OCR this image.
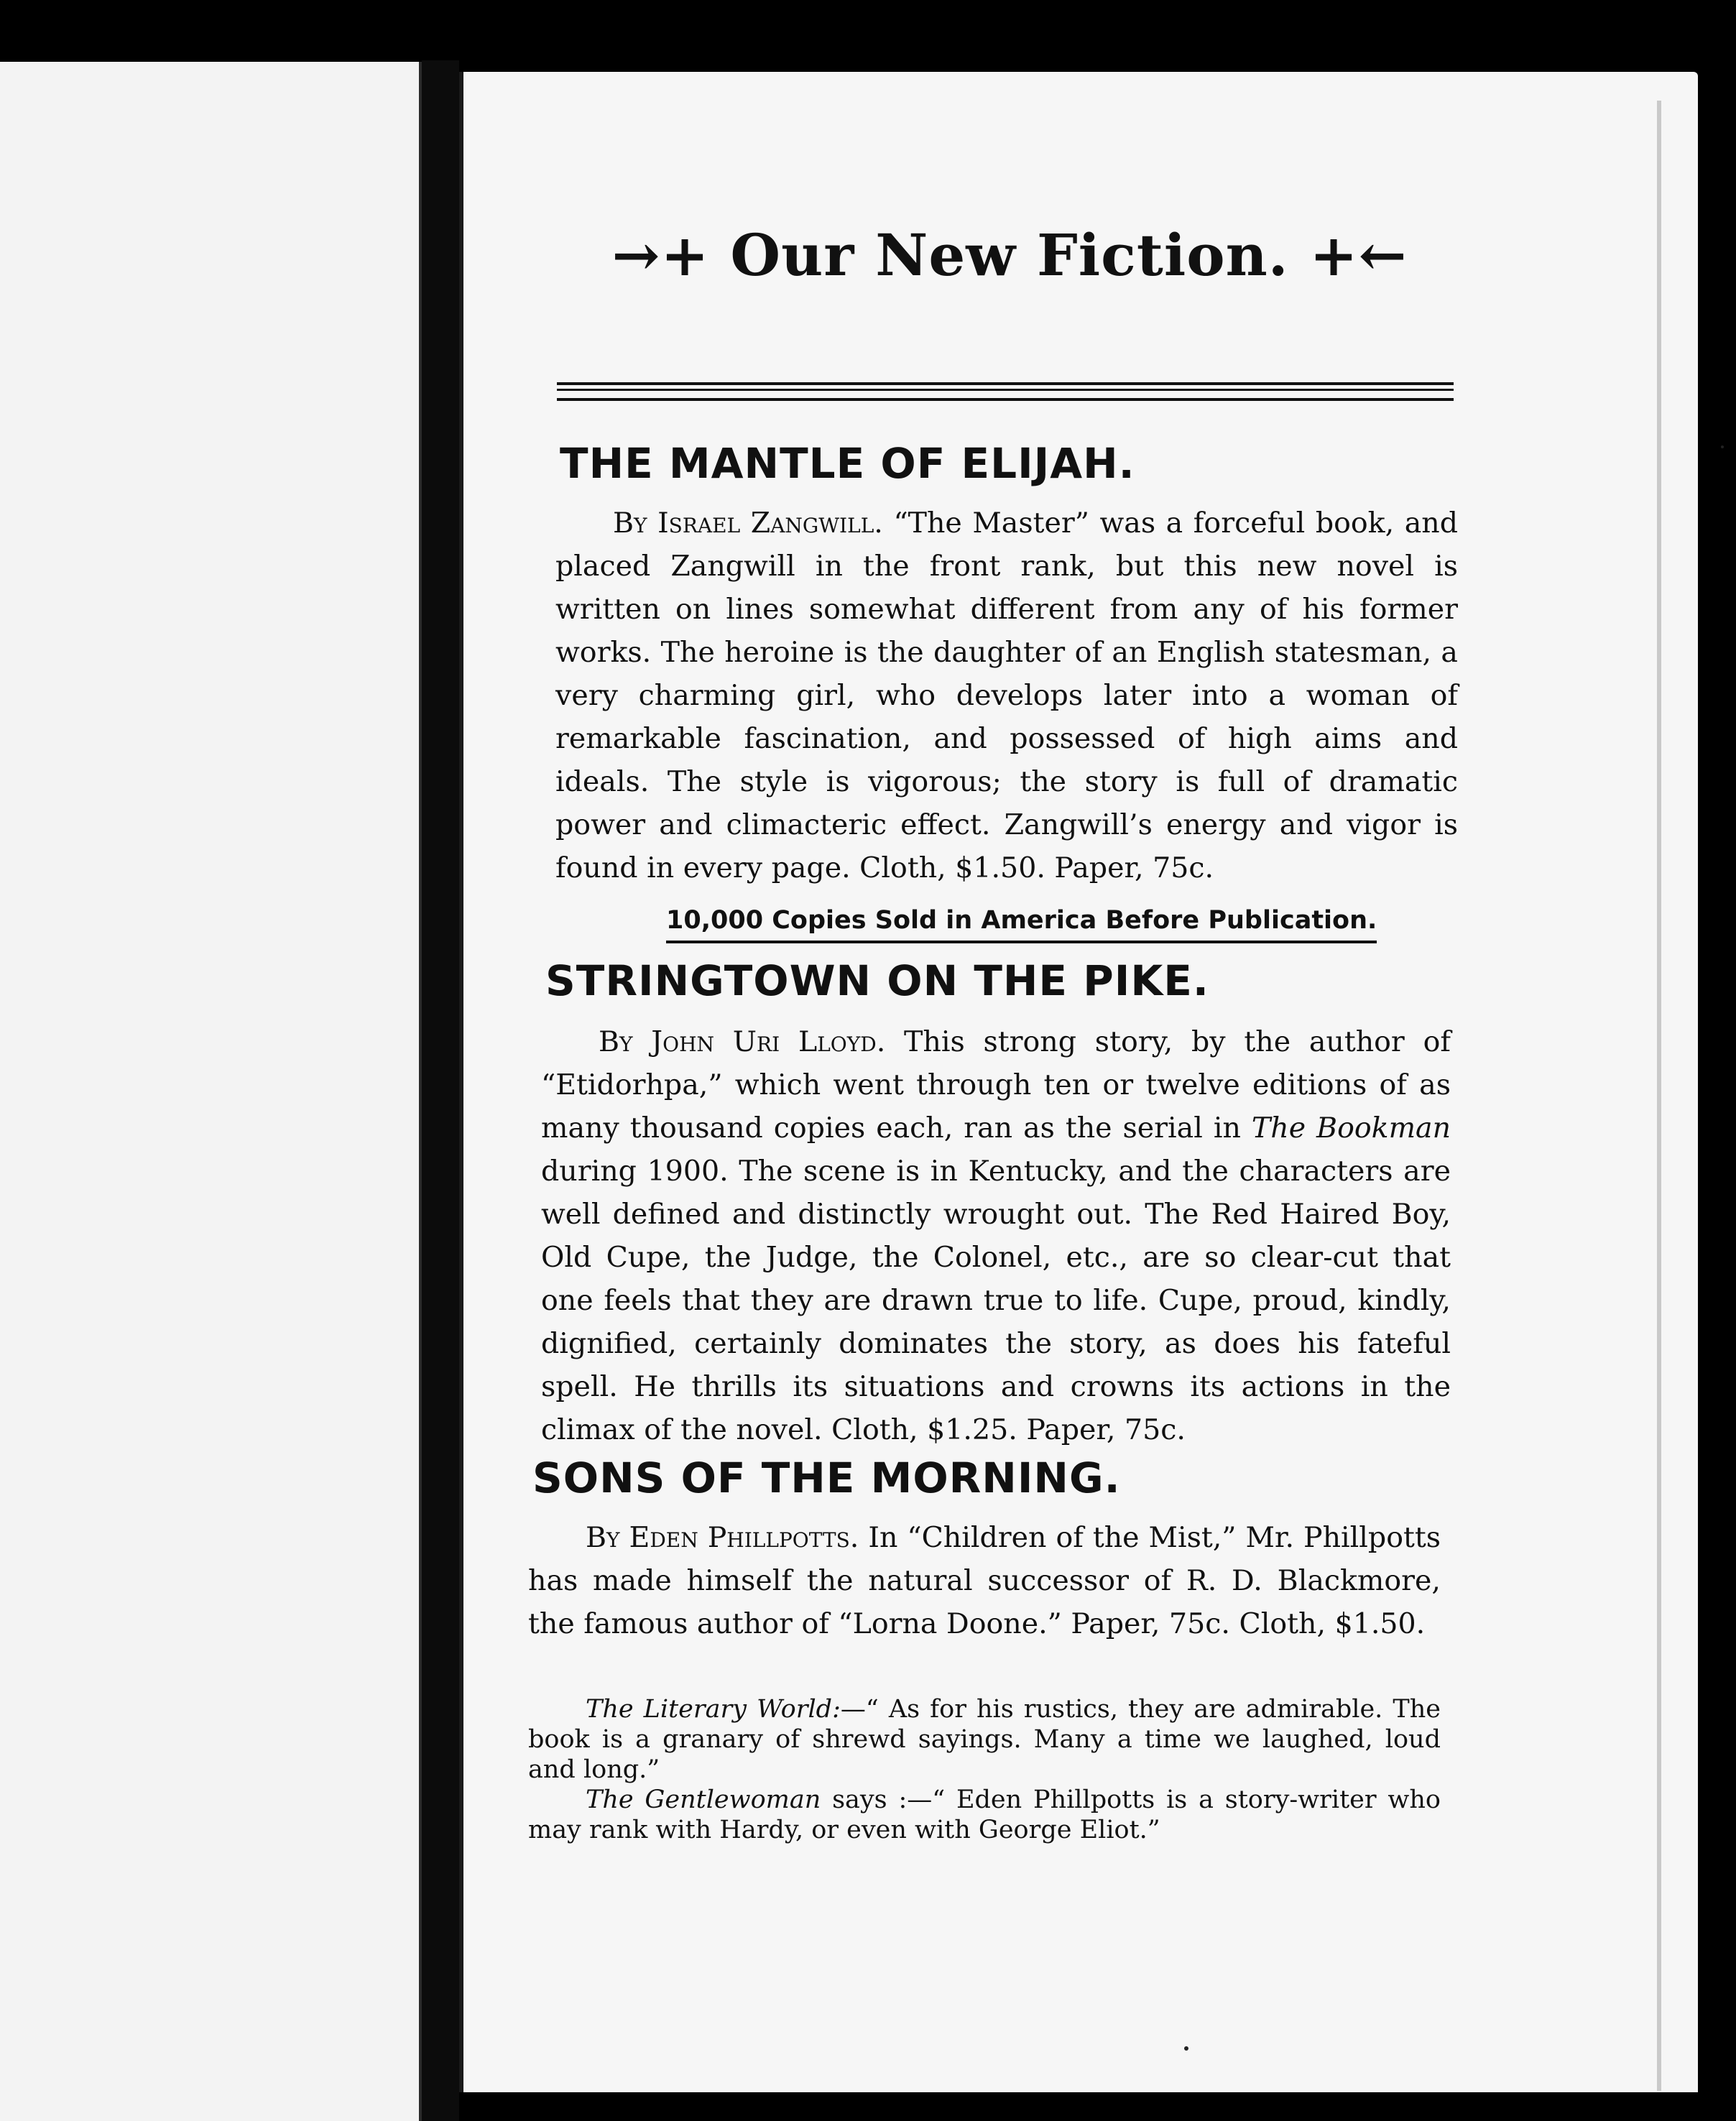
→+ Our New Fiction. +←
THE MANTLE OF ELIJAH.

By Israel Zangwill. “The Master” was a forceful book, and placed Zangwill in the front rank, but this new novel is written on lines somewhat different from any of his former works. The heroine is the daughter of an English statesman, a very charming girl, who develops later into a woman of remarkable fascination, and possessed of high aims and ideals. The style is vigorous; the story is full of dramatic power and climacteric effect. Zangwill’s energy and vigor is found in every page. Cloth, $1.50. Paper, 75c.

10,000 Copies Sold in America Before Publication.
STRINGTOWN ON THE PIKE.

By John Uri Lloyd. This strong story, by the author of “Etidorhpa,” which went through ten or twelve editions of as many thousand copies each, ran as the serial in The Bookman during 1900. The scene is in Kentucky, and the characters are well defined and distinctly wrought out. The Red Haired Boy, Old Cupe, the Judge, the Colonel, etc., are so clear-cut that one feels that they are drawn true to life. Cupe, proud, kindly, dignified, certainly dominates the story, as does his fateful spell. He thrills its situations and crowns its actions in the climax of the novel. Cloth, $1.25. Paper, 75c.

SONS OF THE MORNING.

By Eden Phillpotts. In “Children of the Mist,” Mr. Phillpotts has made himself the natural successor of R. D. Blackmore, the famous author of “Lorna Doone.” Paper, 75c. Cloth, $1.50.

The Literary World:—“ As for his rustics, they are admirable. The book is a granary of shrewd sayings. Many a time we laughed, loud and long.”

The Gentlewoman says :—“ Eden Phillpotts is a story-writer who may rank with Hardy, or even with George Eliot.”
